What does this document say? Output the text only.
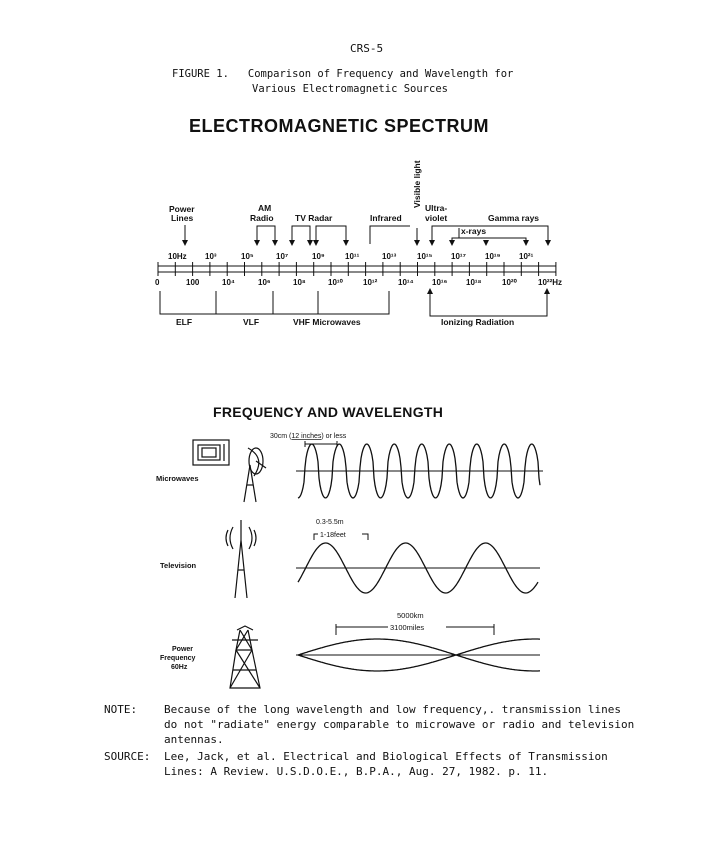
CRS-5
FIGURE 1. Comparison of Frequency and Wavelength for
Various Electromagnetic Sources
ELECTROMAGNETIC SPECTRUM
Power
Lines
AM
Radio	TV Radar	Infrared
Visible light Ultra-
violet	Gamma rays
x-rays
10Hz 10³	10⁵	10⁷	10⁹	10¹¹	10¹³	10¹⁵ 10¹⁷ 10¹⁹ 10²¹
0	100	10⁴	10⁶	10⁸	10¹⁰	10¹²	10¹⁴ 10¹⁶ 10¹⁸	10²⁰	10²²Hz
ELF	VLF	VHF Microwaves	Ionizing Radiation
FREQUENCY AND WAVELENGTH
Microwaves
30cm (12 inches) or less
Television
0.3-5.5m
1-18feet
Power
Frequency
60Hz
5000km
3100miles
NOTE: Because of the long wavelength and low frequency,. transmission lines
do not "radiate" energy comparable to microwave or radio and television
antennas.
SOURCE: Lee, Jack, et al. Electrical and Biological Effects of Transmission
Lines: A Review. U.S.D.O.E., B.P.A., Aug. 27, 1982. p. 11.
